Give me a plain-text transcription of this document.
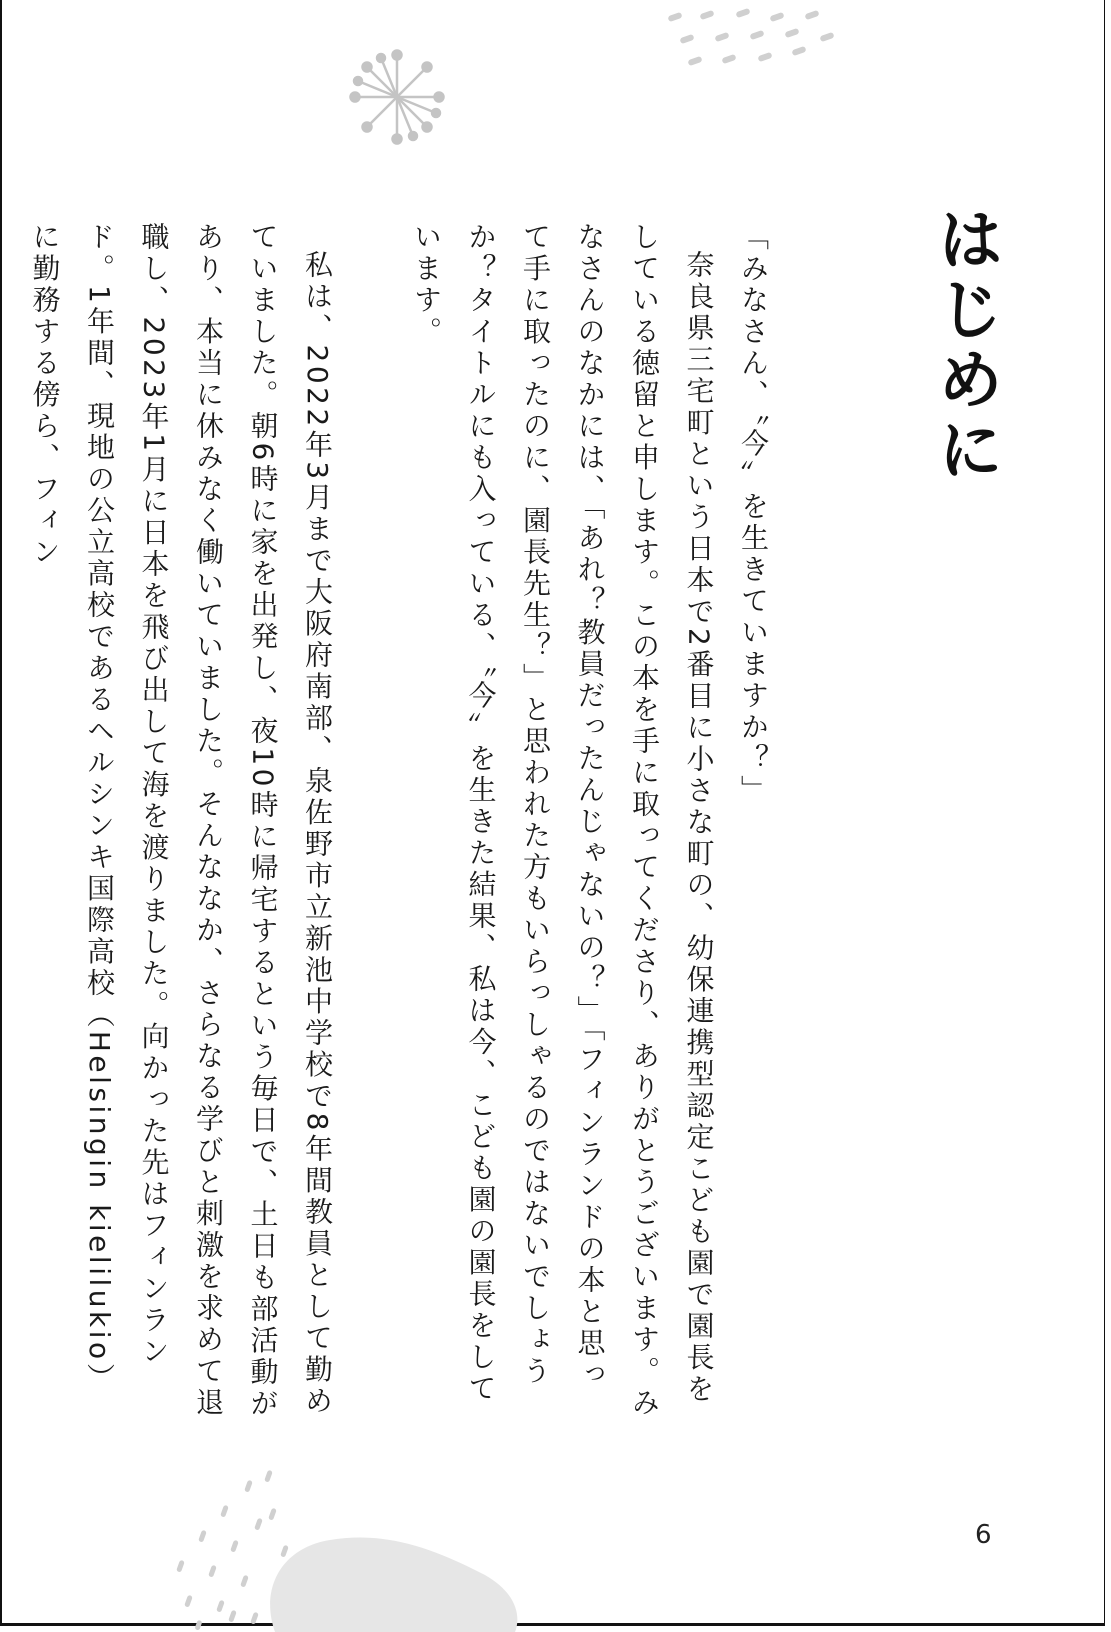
はじめに

「みなさん、〝今〟を生きていますか？」

奈良県三宅町という日本で2番目に小さな町の、幼保連携型認定こども園で園長をしている徳留と申します。この本を手に取ってくださり、ありがとうございます。みなさんのなかには、「あれ？教員だったんじゃないの？」「フィンランドの本と思って手に取ったのに、園長先生？」と思われた方もいらっしゃるのではないでしょうか？タイトルにも入っている、〝今〟を生きた結果、私は今、こども園の園長をしています。

私は、2022年3月まで大阪府南部、泉佐野市立新池中学校で8年間教員として勤めていました。朝6時に家を出発し、夜10時に帰宅するという毎日で、土日も部活動があり、本当に休みなく働いていました。そんななか、さらなる学びと刺激を求めて退職し、2023年1月に日本を飛び出して海を渡りました。向かった先はフィンランド。1年間、現地の公立高校であるヘルシンキ国際高校（Helsingin kielilukio）に勤務する傍ら、フィン

6
